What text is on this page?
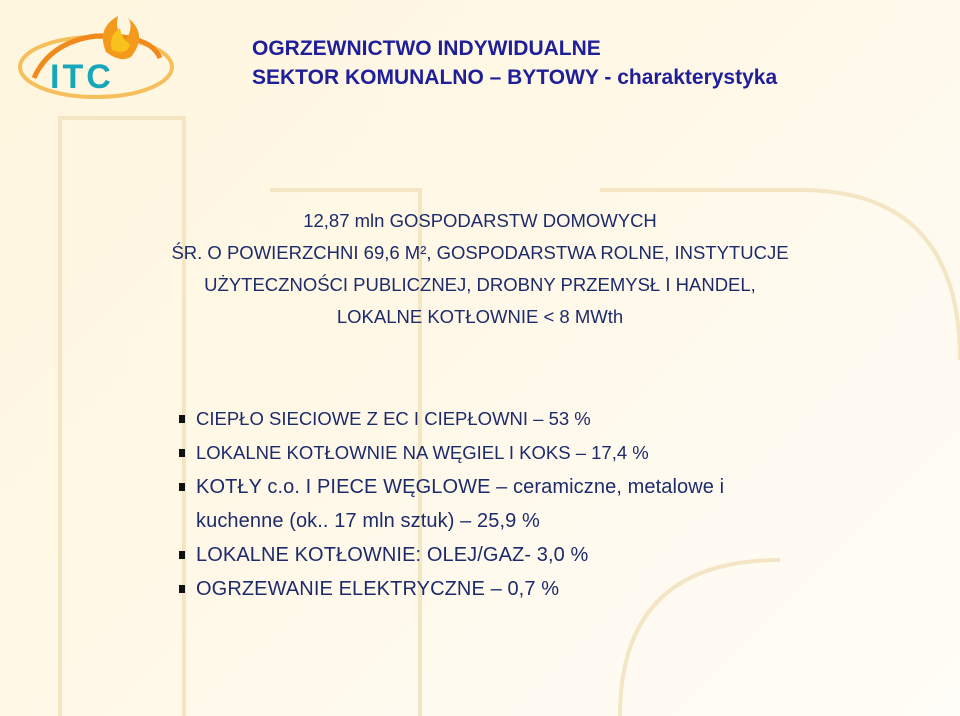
ITC
OGRZEWNICTWO INDYWIDUALNE
SEKTOR KOMUNALNO – BYTOWY - charakterystyka
12,87 mln GOSPODARSTW DOMOWYCH
ŚR. O POWIERZCHNI 69,6 M², GOSPODARSTWA ROLNE, INSTYTUCJE
UŻYTECZNOŚCI PUBLICZNEJ, DROBNY PRZEMYSŁ I HANDEL,
LOKALNE KOTŁOWNIE < 8 MWth
CIEPŁO SIECIOWE Z EC I CIEPŁOWNI – 53 %
LOKALNE KOTŁOWNIE NA WĘGIEL I KOKS – 17,4 %
KOTŁY c.o. I PIECE WĘGLOWE – ceramiczne, metalowe i
kuchenne (ok.. 17 mln sztuk) – 25,9 %
LOKALNE KOTŁOWNIE: OLEJ/GAZ- 3,0 %
OGRZEWANIE ELEKTRYCZNE – 0,7 %
